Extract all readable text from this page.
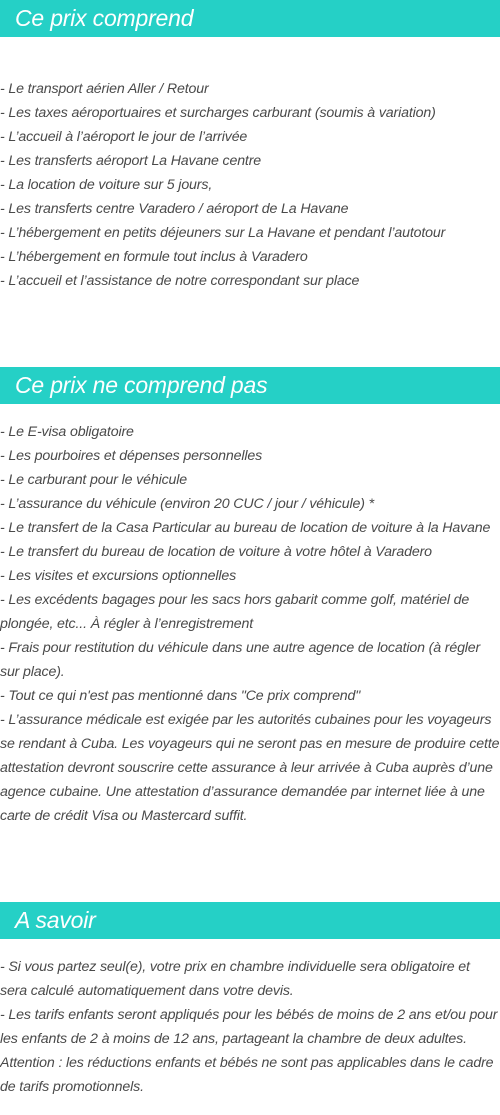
Ce prix comprend
- Le transport aérien Aller / Retour
- Les taxes aéroportuaires et surcharges carburant (soumis à variation)
- L’accueil à l’aéroport le jour de l’arrivée
- Les transferts aéroport La Havane centre
- La location de voiture sur 5 jours,
- Les transferts centre Varadero / aéroport de La Havane
- L’hébergement en petits déjeuners sur La Havane et pendant l’autotour
- L’hébergement en formule tout inclus à Varadero
- L’accueil et l’assistance de notre correspondant sur place
Ce prix ne comprend pas
- Le E-visa obligatoire
- Les pourboires et dépenses personnelles
- Le carburant pour le véhicule
- L’assurance du véhicule (environ 20 CUC / jour / véhicule) *
- Le transfert de la Casa Particular au bureau de location de voiture à la Havane
- Le transfert du bureau de location de voiture à votre hôtel à Varadero
- Les visites et excursions optionnelles
- Les excédents bagages pour les sacs hors gabarit comme golf, matériel de plongée, etc... À régler à l’enregistrement
- Frais pour restitution du véhicule dans une autre agence de location (à régler sur place).
- Tout ce qui n'est pas mentionné dans "Ce prix comprend"
- L’assurance médicale est exigée par les autorités cubaines pour les voyageurs se rendant à Cuba. Les voyageurs qui ne seront pas en mesure de produire cette attestation devront souscrire cette assurance à leur arrivée à Cuba auprès d’une agence cubaine. Une attestation d’assurance demandée par internet liée à une carte de crédit Visa ou Mastercard suffit.
A savoir
- Si vous partez seul(e), votre prix en chambre individuelle sera obligatoire et sera calculé automatiquement dans votre devis.
- Les tarifs enfants seront appliqués pour les bébés de moins de 2 ans et/ou pour les enfants de 2 à moins de 12 ans, partageant la chambre de deux adultes.
Attention : les réductions enfants et bébés ne sont pas applicables dans le cadre de tarifs promotionnels.
